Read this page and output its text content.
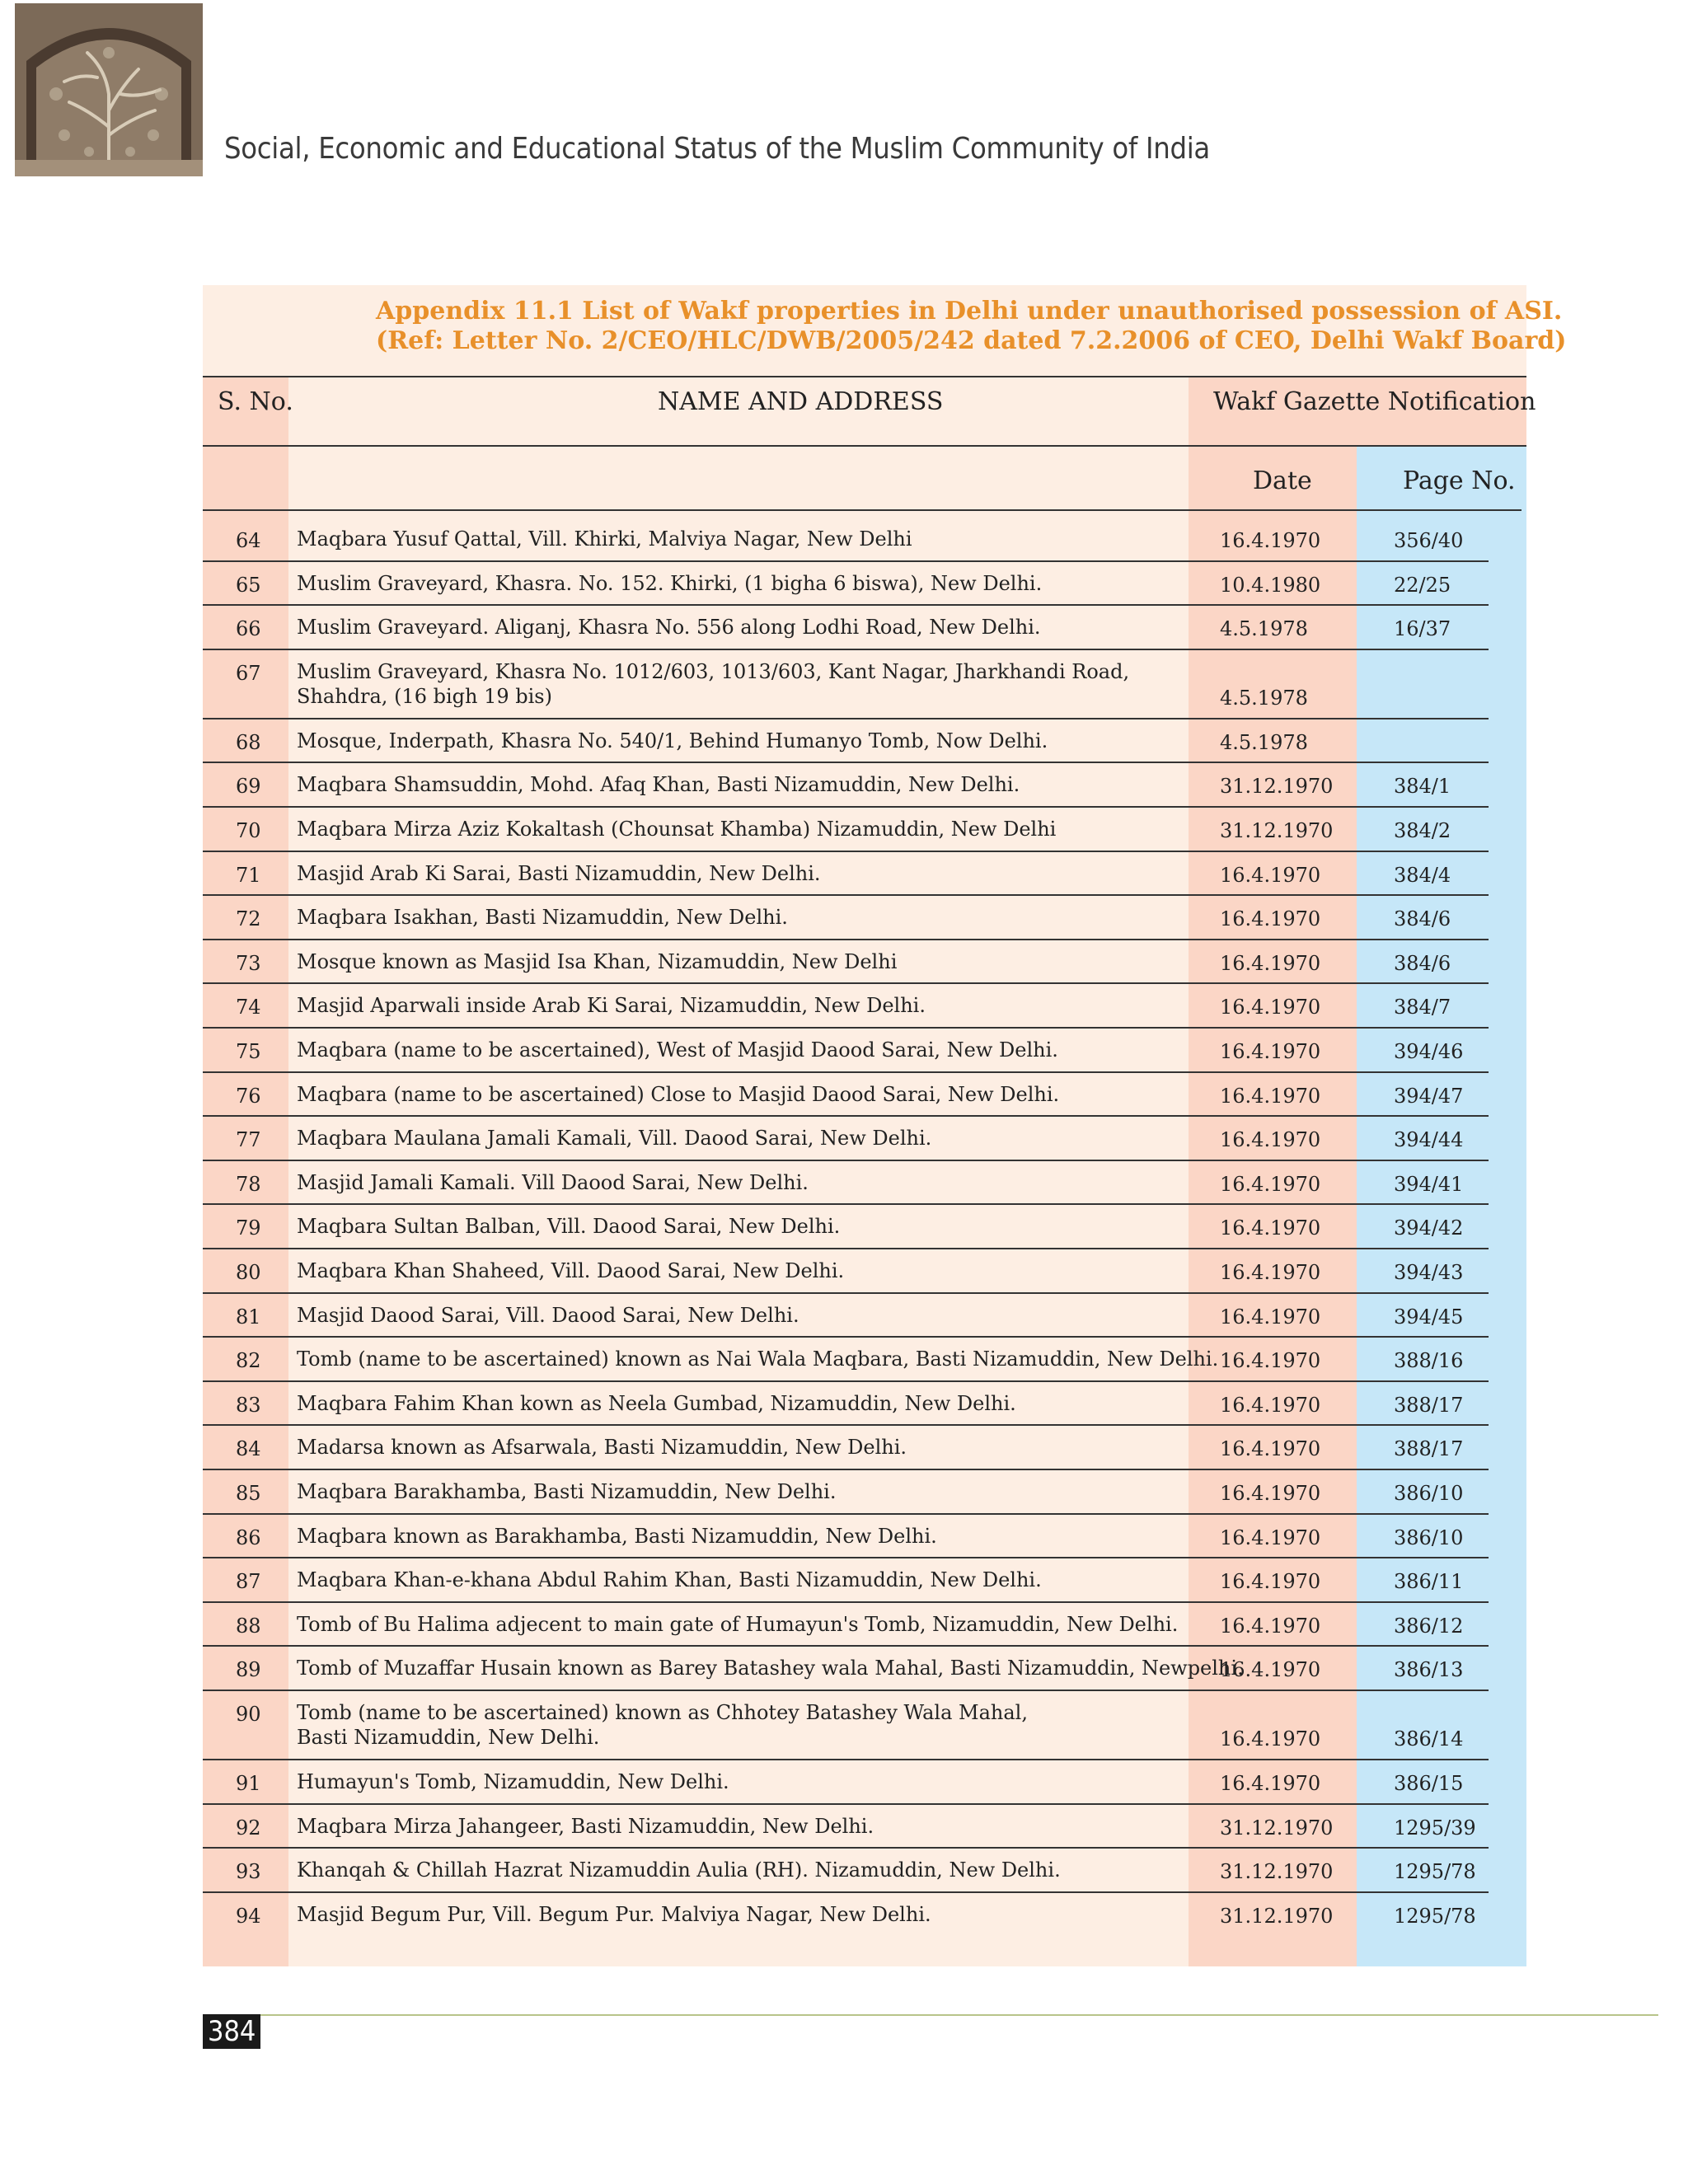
Social, Economic and Educational Status of the Muslim Community of India
Appendix 11.1 List of Wakf properties in Delhi under unauthorised possession of ASI.
(Ref: Letter No. 2/CEO/HLC/DWB/2005/242 dated 7.2.2006 of CEO, Delhi Wakf Board)
S. No.	NAME AND ADDRESS	Wakf Gazette Notification
Date	Page No.
64 Maqbara Yusuf Qattal, Vill. Khirki, Malviya Nagar, New Delhi	16.4.1970	356/40
65 Muslim Graveyard, Khasra. No. 152. Khirki, (1 bigha 6 biswa), New Delhi.	10.4.1980	22/25
66 Muslim Graveyard. Aliganj, Khasra No. 556 along Lodhi Road, New Delhi.	4.5.1978	16/37
67 Muslim Graveyard, Khasra No. 1012/603, 1013/603, Kant Nagar, Jharkhandi Road,
Shahdra, (16 bigh 19 bis)	4.5.1978
68 Mosque, Inderpath, Khasra No. 540/1, Behind Humanyo Tomb, Now Delhi.	4.5.1978
69 Maqbara Shamsuddin, Mohd. Afaq Khan, Basti Nizamuddin, New Delhi.	31.12.1970	384/1
70 Maqbara Mirza Aziz Kokaltash (Chounsat Khamba) Nizamuddin, New Delhi	31.12.1970	384/2
71 Masjid Arab Ki Sarai, Basti Nizamuddin, New Delhi.	16.4.1970	384/4
72 Maqbara Isakhan, Basti Nizamuddin, New Delhi.	16.4.1970	384/6
73 Mosque known as Masjid Isa Khan, Nizamuddin, New Delhi	16.4.1970	384/6
74 Masjid Aparwali inside Arab Ki Sarai, Nizamuddin, New Delhi.	16.4.1970	384/7
75 Maqbara (name to be ascertained), West of Masjid Daood Sarai, New Delhi.	16.4.1970	394/46
76 Maqbara (name to be ascertained) Close to Masjid Daood Sarai, New Delhi.	16.4.1970	394/47
77 Maqbara Maulana Jamali Kamali, Vill. Daood Sarai, New Delhi.	16.4.1970	394/44
78 Masjid Jamali Kamali. Vill Daood Sarai, New Delhi.	16.4.1970	394/41
79 Maqbara Sultan Balban, Vill. Daood Sarai, New Delhi.	16.4.1970	394/42
80 Maqbara Khan Shaheed, Vill. Daood Sarai, New Delhi.	16.4.1970	394/43
81 Masjid Daood Sarai, Vill. Daood Sarai, New Delhi.	16.4.1970	394/45
82 Tomb (name to be ascertained) known as Nai Wala Maqbara, Basti Nizamuddin, New Delhi. 16.4.1970	388/16
83 Maqbara Fahim Khan kown as Neela Gumbad, Nizamuddin, New Delhi.	16.4.1970	388/17
84 Madarsa known as Afsarwala, Basti Nizamuddin, New Delhi.	16.4.1970	388/17
85 Maqbara Barakhamba, Basti Nizamuddin, New Delhi.	16.4.1970	386/10
86 Maqbara known as Barakhamba, Basti Nizamuddin, New Delhi.	16.4.1970	386/10
87 Maqbara Khan-e-khana Abdul Rahim Khan, Basti Nizamuddin, New Delhi.	16.4.1970	386/11
88 Tomb of Bu Halima adjecent to main gate of Humayun's Tomb, Nizamuddin, New Delhi. 16.4.1970	386/12
89 Tomb of Muzaffar Husain known as Barey Batashey wala Mahal, Basti Nizamuddin, Newpelhi.
16.4.1970	386/13
90 Tomb (name to be ascertained) known as Chhotey Batashey Wala Mahal,
Basti Nizamuddin, New Delhi.	16.4.1970	386/14
91 Humayun's Tomb, Nizamuddin, New Delhi.	16.4.1970	386/15
92 Maqbara Mirza Jahangeer, Basti Nizamuddin, New Delhi.	31.12.1970	1295/39
93 Khanqah & Chillah Hazrat Nizamuddin Aulia (RH). Nizamuddin, New Delhi.	31.12.1970	1295/78
94 Masjid Begum Pur, Vill. Begum Pur. Malviya Nagar, New Delhi.	31.12.1970	1295/78
384
